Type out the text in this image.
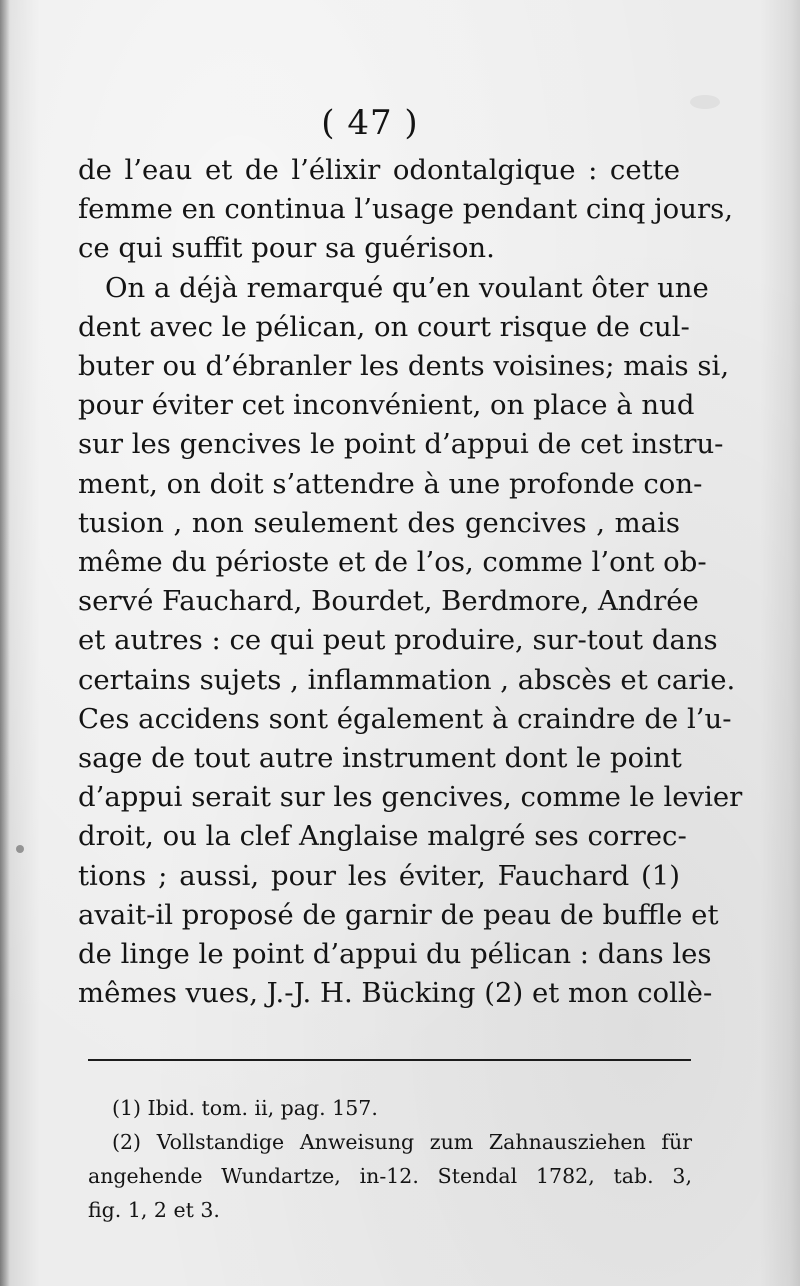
( 47 )
de l’eau et de l’élixir odontalgique : cette
femme en continua l’usage pendant cinq jours,
ce qui suffit pour sa guérison.
On a déjà remarqué qu’en voulant ôter une
dent avec le pélican, on court risque de cul-
buter ou d’ébranler les dents voisines; mais si,
pour éviter cet inconvénient, on place à nud
sur les gencives le point d’appui de cet instru-
ment, on doit s’attendre à une profonde con-
tusion , non seulement des gencives , mais
même du périoste et de l’os, comme l’ont ob-
servé Fauchard, Bourdet, Berdmore, Andrée
et autres : ce qui peut produire, sur-tout dans
certains sujets , inflammation , abscès et carie.
Ces accidens sont également à craindre de l’u-
sage de tout autre instrument dont le point
d’appui serait sur les gencives, comme le levier
droit, ou la clef Anglaise malgré ses correc-
tions ; aussi, pour les éviter, Fauchard (1)
avait-il proposé de garnir de peau de buffle et
de linge le point d’appui du pélican : dans les
mêmes vues, J.-J. H. Bücking (2) et mon collè-
(1) Ibid. tom. ii, pag. 157.
(2) Vollstandige Anweisung zum Zahnausziehen für
angehende Wundartze, in-12. Stendal 1782, tab. 3,
fig. 1, 2 et 3.
